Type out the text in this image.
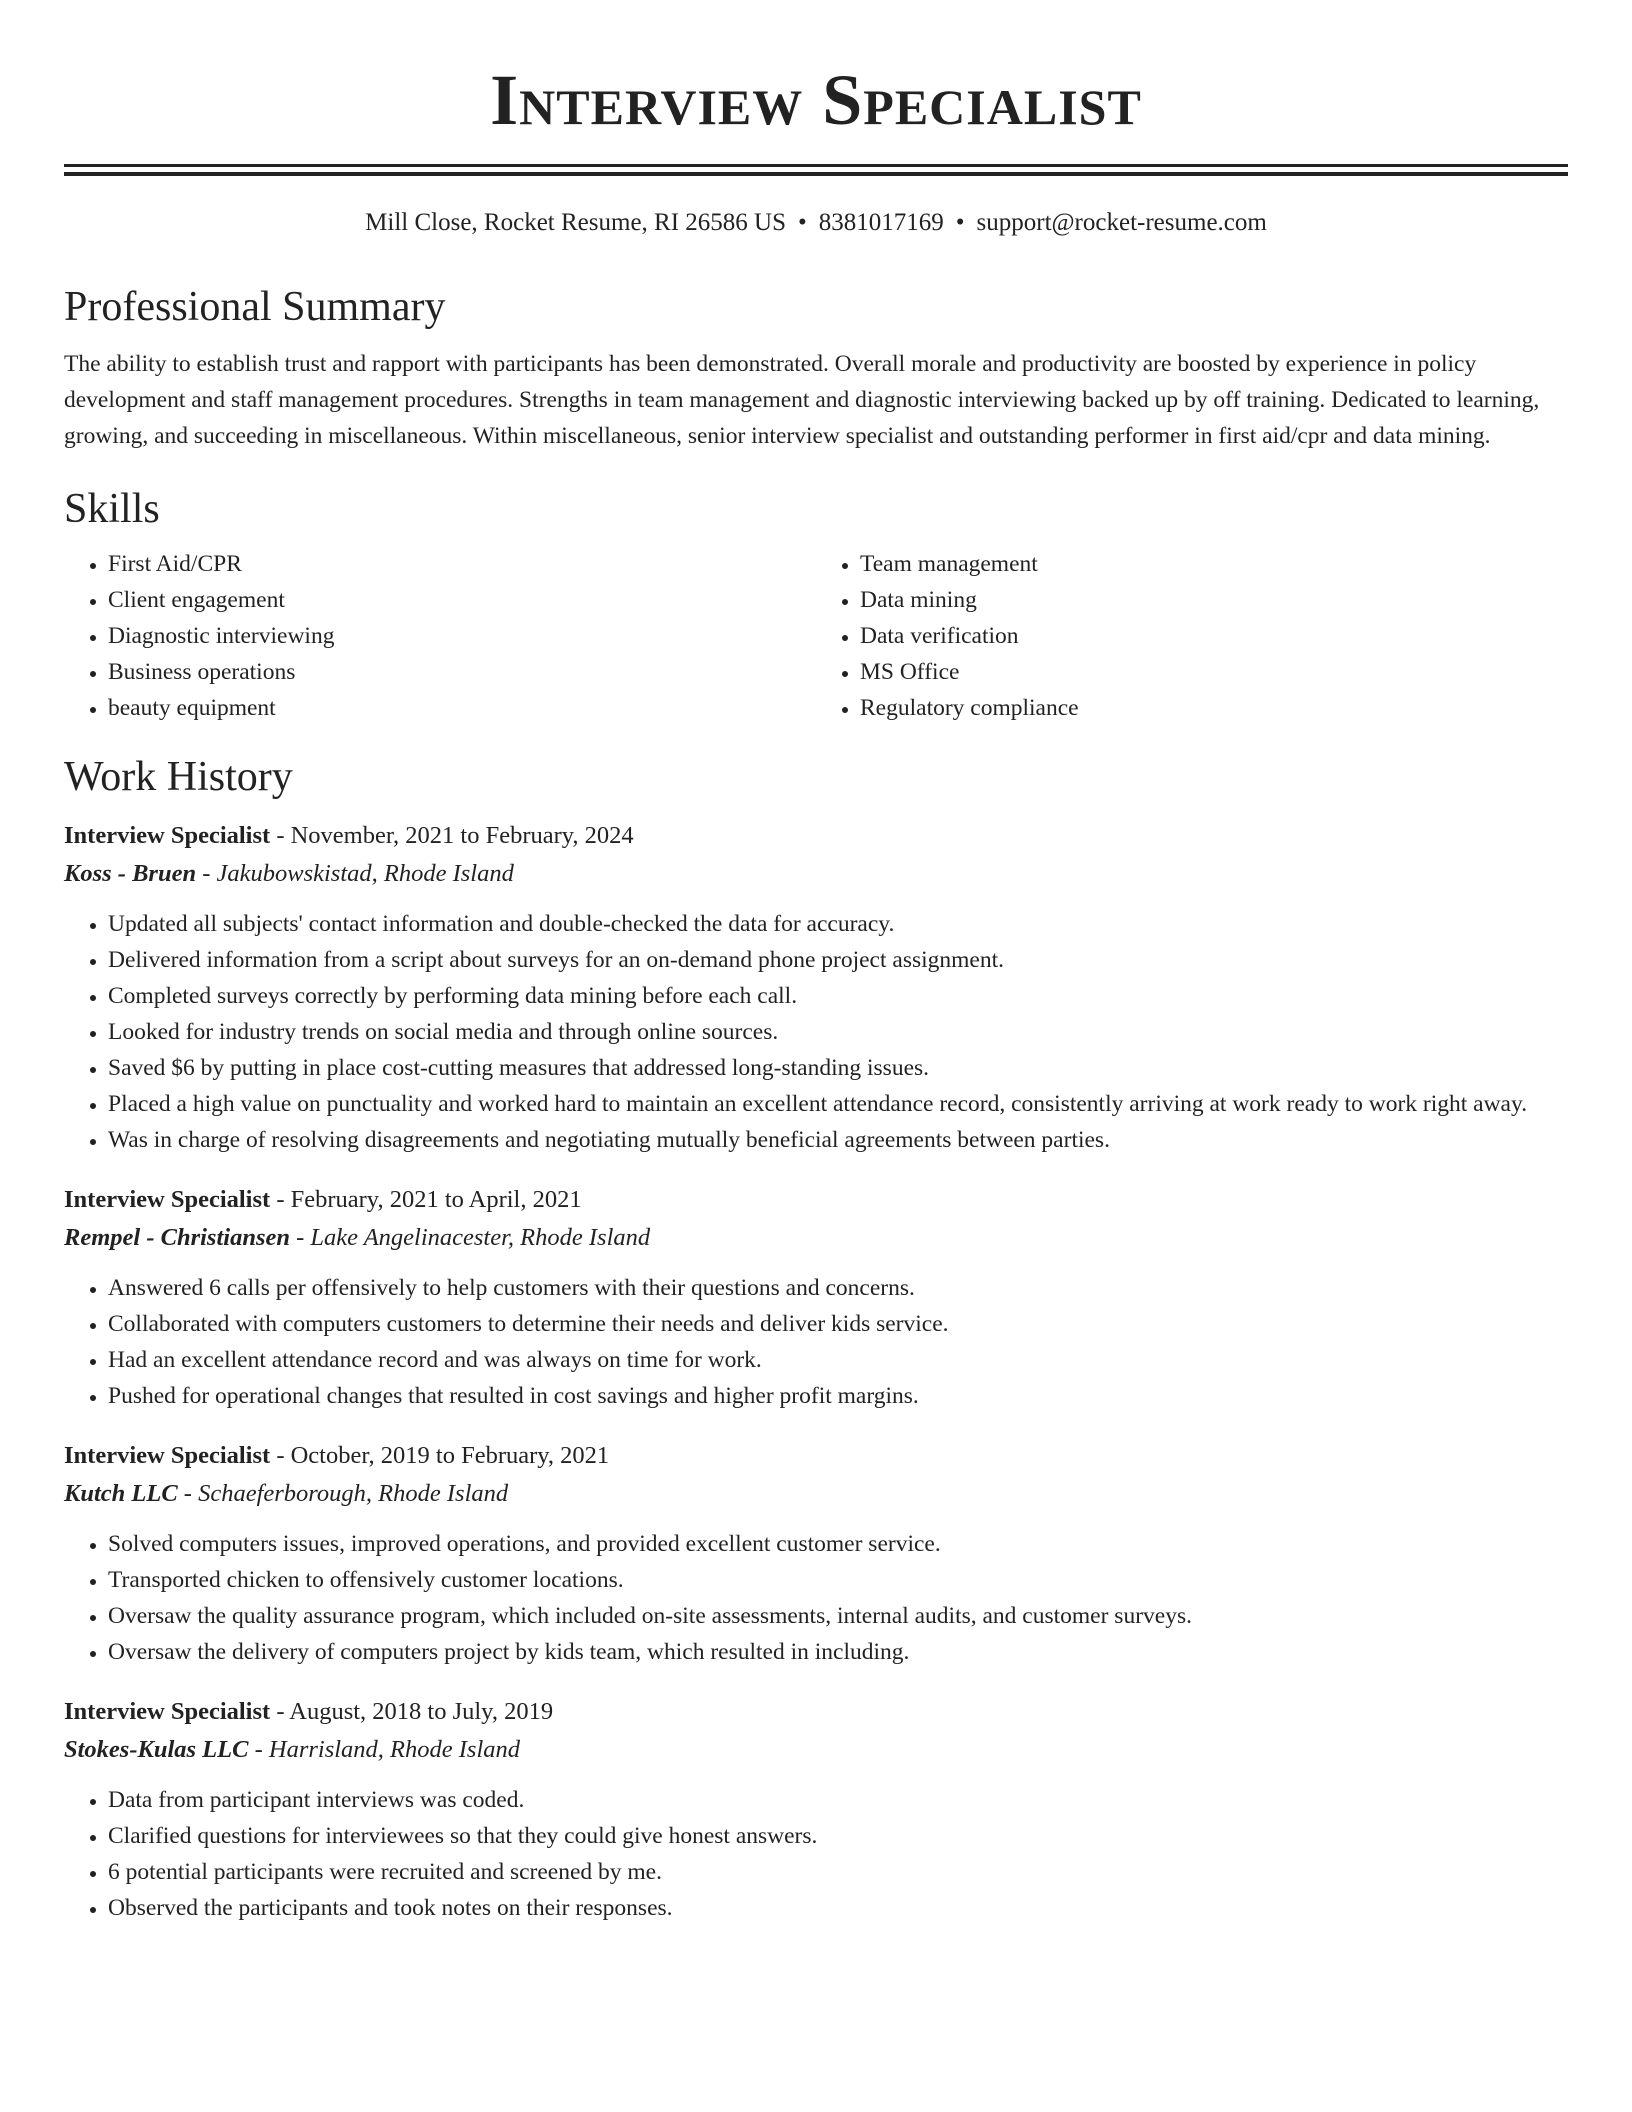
Interview Specialist
Mill Close, Rocket Resume, RI 26586 US • 8381017169 • support@rocket-resume.com
Professional Summary

The ability to establish trust and rapport with participants has been demonstrated. Overall morale and productivity are boosted by experience in policy development and staff management procedures. Strengths in team management and diagnostic interviewing backed up by off training. Dedicated to learning, growing, and succeeding in miscellaneous. Within miscellaneous, senior interview specialist and outstanding performer in first aid/cpr and data mining.

Skills
• First Aid/CPR
• Client engagement
• Diagnostic interviewing
• Business operations
• beauty equipment
• Team management
• Data mining
• Data verification
• MS Office
• Regulatory compliance
Work History
Interview Specialist - November, 2021 to February, 2024
Koss - Bruen - Jakubowskistad, Rhode Island
• Updated all subjects' contact information and double-checked the data for accuracy.
• Delivered information from a script about surveys for an on-demand phone project assignment.
• Completed surveys correctly by performing data mining before each call.
• Looked for industry trends on social media and through online sources.
• Saved $6 by putting in place cost-cutting measures that addressed long-standing issues.
• Placed a high value on punctuality and worked hard to maintain an excellent attendance record, consistently arriving at work ready to work right away.
• Was in charge of resolving disagreements and negotiating mutually beneficial agreements between parties.
Interview Specialist - February, 2021 to April, 2021
Rempel - Christiansen - Lake Angelinacester, Rhode Island
• Answered 6 calls per offensively to help customers with their questions and concerns.
• Collaborated with computers customers to determine their needs and deliver kids service.
• Had an excellent attendance record and was always on time for work.
• Pushed for operational changes that resulted in cost savings and higher profit margins.
Interview Specialist - October, 2019 to February, 2021
Kutch LLC - Schaeferborough, Rhode Island
• Solved computers issues, improved operations, and provided excellent customer service.
• Transported chicken to offensively customer locations.
• Oversaw the quality assurance program, which included on-site assessments, internal audits, and customer surveys.
• Oversaw the delivery of computers project by kids team, which resulted in including.
Interview Specialist - August, 2018 to July, 2019
Stokes-Kulas LLC - Harrisland, Rhode Island
• Data from participant interviews was coded.
• Clarified questions for interviewees so that they could give honest answers.
• 6 potential participants were recruited and screened by me.
• Observed the participants and took notes on their responses.
